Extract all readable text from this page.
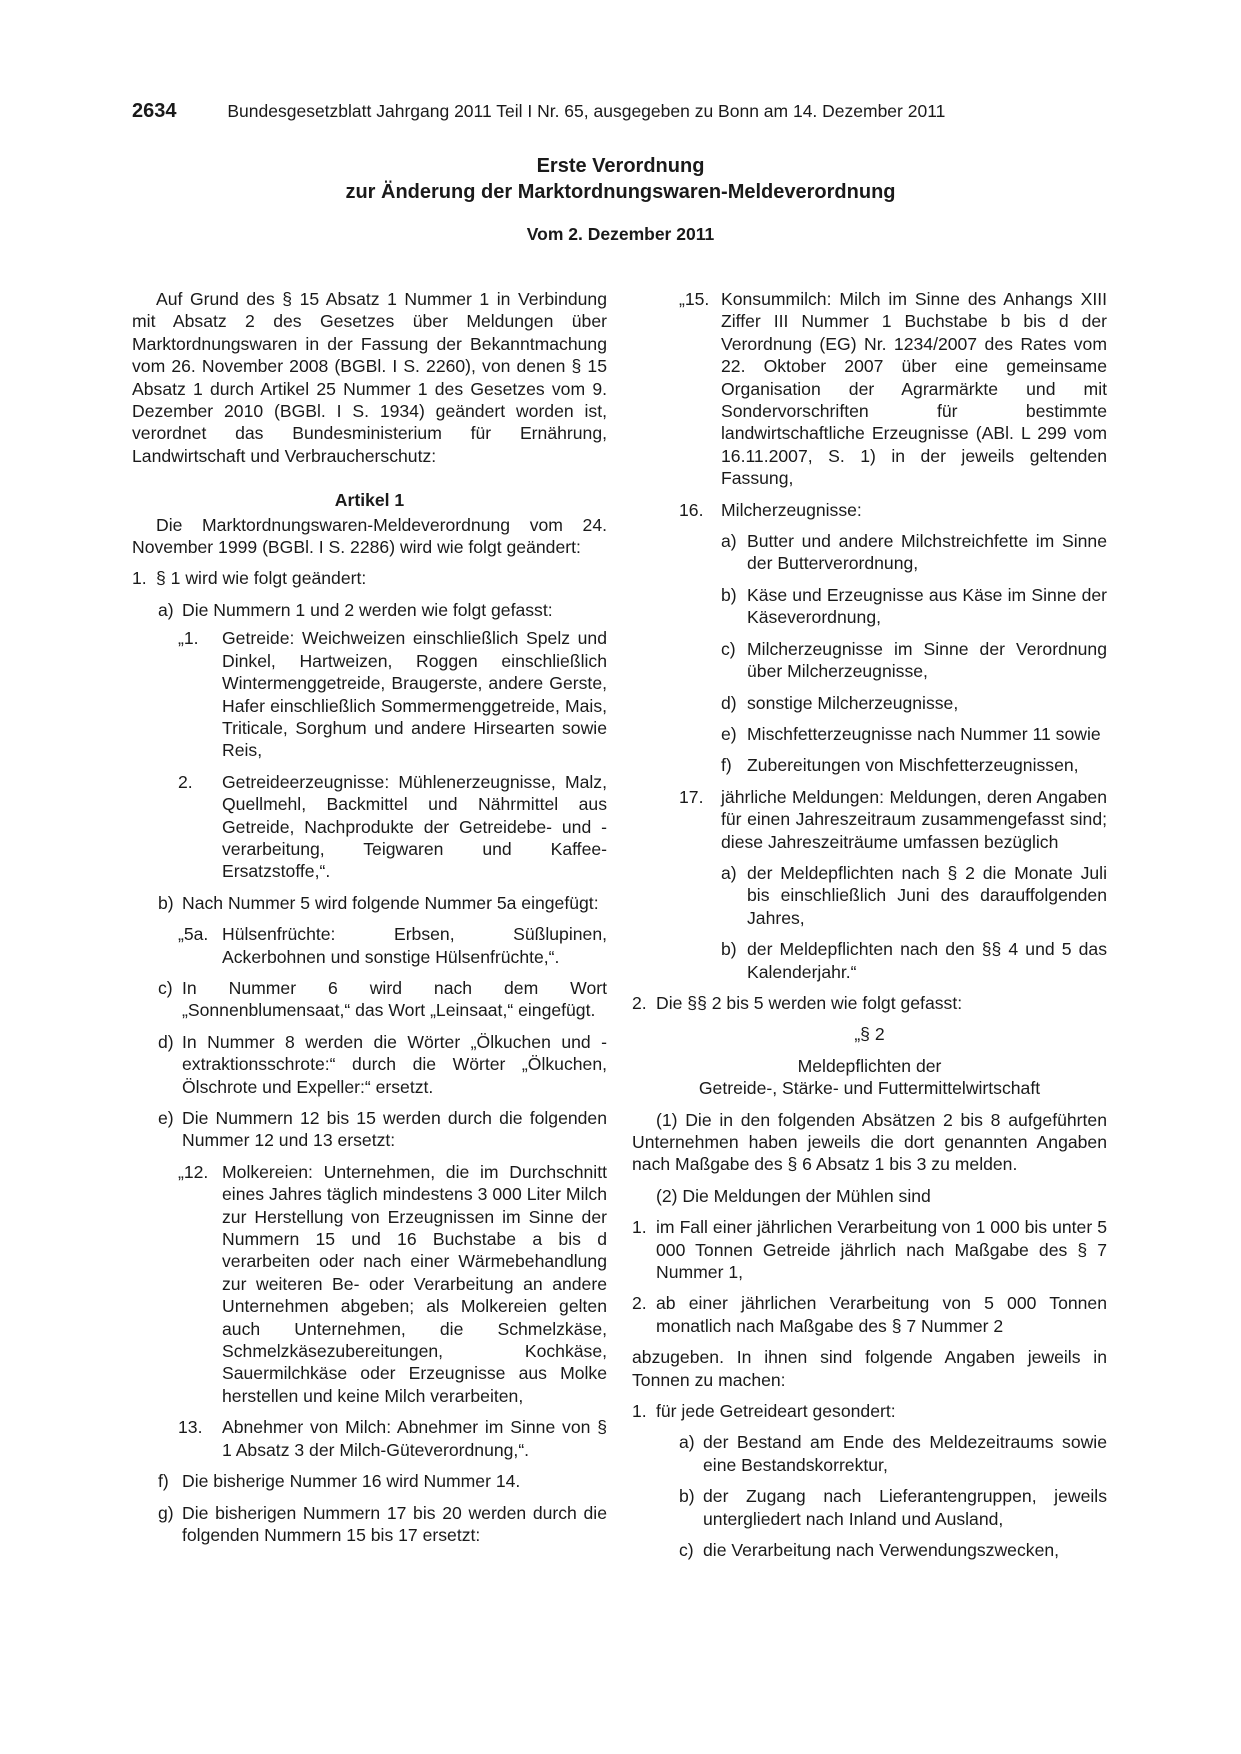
2634	Bundesgesetzblatt Jahrgang 2011 Teil I Nr. 65, ausgegeben zu Bonn am 14. Dezember 2011
Erste Verordnung
zur Änderung der Marktordnungswaren-Meldeverordnung
Vom 2. Dezember 2011

Auf Grund des § 15 Absatz 1 Nummer 1 in Verbindung mit Absatz 2 des Gesetzes über Meldungen über Marktordnungswaren in der Fassung der Bekanntmachung vom 26. November 2008 (BGBl. I S. 2260), von denen § 15 Absatz 1 durch Artikel 25 Nummer 1 des Gesetzes vom 9. Dezember 2010 (BGBl. I S. 1934) geändert worden ist, verordnet das Bundesministerium für Ernährung, Landwirtschaft und Verbraucherschutz:

Artikel 1

Die Marktordnungswaren-Meldeverordnung vom 24. November 1999 (BGBl. I S. 2286) wird wie folgt geändert:

1. § 1 wird wie folgt geändert:
a) Die Nummern 1 und 2 werden wie folgt gefasst:
„1.	Getreide: Weichweizen einschließlich Spelz und Dinkel, Hartweizen, Roggen einschließlich Wintermenggetreide, Braugerste, andere Gerste, Hafer einschließlich Sommermenggetreide, Mais, Triticale, Sorghum und andere Hirsearten sowie Reis,
2.	Getreideerzeugnisse: Mühlenerzeugnisse, Malz, Quellmehl, Backmittel und Nährmittel aus Getreide, Nachprodukte der Getreidebe- und -verarbeitung, Teigwaren und Kaffee-Ersatzstoffe,“.
b) Nach Nummer 5 wird folgende Nummer 5a eingefügt:
„5a. Hülsenfrüchte: Erbsen, Süßlupinen, Ackerbohnen und sonstige Hülsenfrüchte,“.
c) In Nummer 6 wird nach dem Wort „Sonnenblumensaat,“ das Wort „Leinsaat,“ eingefügt.
d) In Nummer 8 werden die Wörter „Ölkuchen und -extraktionsschrote:“ durch die Wörter „Ölkuchen, Ölschrote und Expeller:“ ersetzt.
e) Die Nummern 12 bis 15 werden durch die folgenden Nummer 12 und 13 ersetzt:
„12. Molkereien: Unternehmen, die im Durchschnitt eines Jahres täglich mindestens 3 000 Liter Milch zur Herstellung von Erzeugnissen im Sinne der Nummern 15 und 16 Buchstabe a bis d verarbeiten oder nach einer Wärmebehandlung zur weiteren Be- oder Verarbeitung an andere Unternehmen abgeben; als Molkereien gelten auch Unternehmen, die Schmelzkäse, Schmelzkäsezubereitungen, Kochkäse, Sauermilchkäse oder Erzeugnisse aus Molke herstellen und keine Milch verarbeiten,
13.	Abnehmer von Milch: Abnehmer im Sinne von § 1 Absatz 3 der Milch-Güteverordnung,“.
f) Die bisherige Nummer 16 wird Nummer 14.
g) Die bisherigen Nummern 17 bis 20 werden durch die folgenden Nummern 15 bis 17 ersetzt:
„15. Konsummilch: Milch im Sinne des Anhangs XIII Ziffer III Nummer 1 Buchstabe b bis d der Verordnung (EG) Nr. 1234/2007 des Rates vom 22. Oktober 2007 über eine gemeinsame Organisation der Agrarmärkte und mit Sondervorschriften für bestimmte landwirtschaftliche Erzeugnisse (ABl. L 299 vom 16.11.2007, S. 1) in der jeweils geltenden Fassung,
16. Milcherzeugnisse:
a) Butter und andere Milchstreichfette im Sinne der Butterverordnung,
b) Käse und Erzeugnisse aus Käse im Sinne der Käseverordnung,
c) Milcherzeugnisse im Sinne der Verordnung über Milcherzeugnisse,
d) sonstige Milcherzeugnisse,
e) Mischfetterzeugnisse nach Nummer 11 sowie
f) Zubereitungen von Mischfetterzeugnissen,
17. jährliche Meldungen: Meldungen, deren Angaben für einen Jahreszeitraum zusammengefasst sind; diese Jahreszeiträume umfassen bezüglich
a) der Meldepflichten nach § 2 die Monate Juli bis einschließlich Juni des darauffolgenden Jahres,
b) der Meldepflichten nach den §§ 4 und 5 das Kalenderjahr.“
2. Die §§ 2 bis 5 werden wie folgt gefasst:

„§ 2

Meldepflichten der

Getreide-, Stärke- und Futtermittelwirtschaft

(1) Die in den folgenden Absätzen 2 bis 8 aufgeführten Unternehmen haben jeweils die dort genannten Angaben nach Maßgabe des § 6 Absatz 1 bis 3 zu melden.

(2) Die Meldungen der Mühlen sind

1. im Fall einer jährlichen Verarbeitung von 1 000 bis unter 5 000 Tonnen Getreide jährlich nach Maßgabe des § 7 Nummer 1,
2. ab einer jährlichen Verarbeitung von 5 000 Tonnen monatlich nach Maßgabe des § 7 Nummer 2

abzugeben. In ihnen sind folgende Angaben jeweils in Tonnen zu machen:

1. für jede Getreideart gesondert:
a) der Bestand am Ende des Meldezeitraums sowie eine Bestandskorrektur,
b) der Zugang nach Lieferantengruppen, jeweils untergliedert nach Inland und Ausland,
c) die Verarbeitung nach Verwendungszwecken,
